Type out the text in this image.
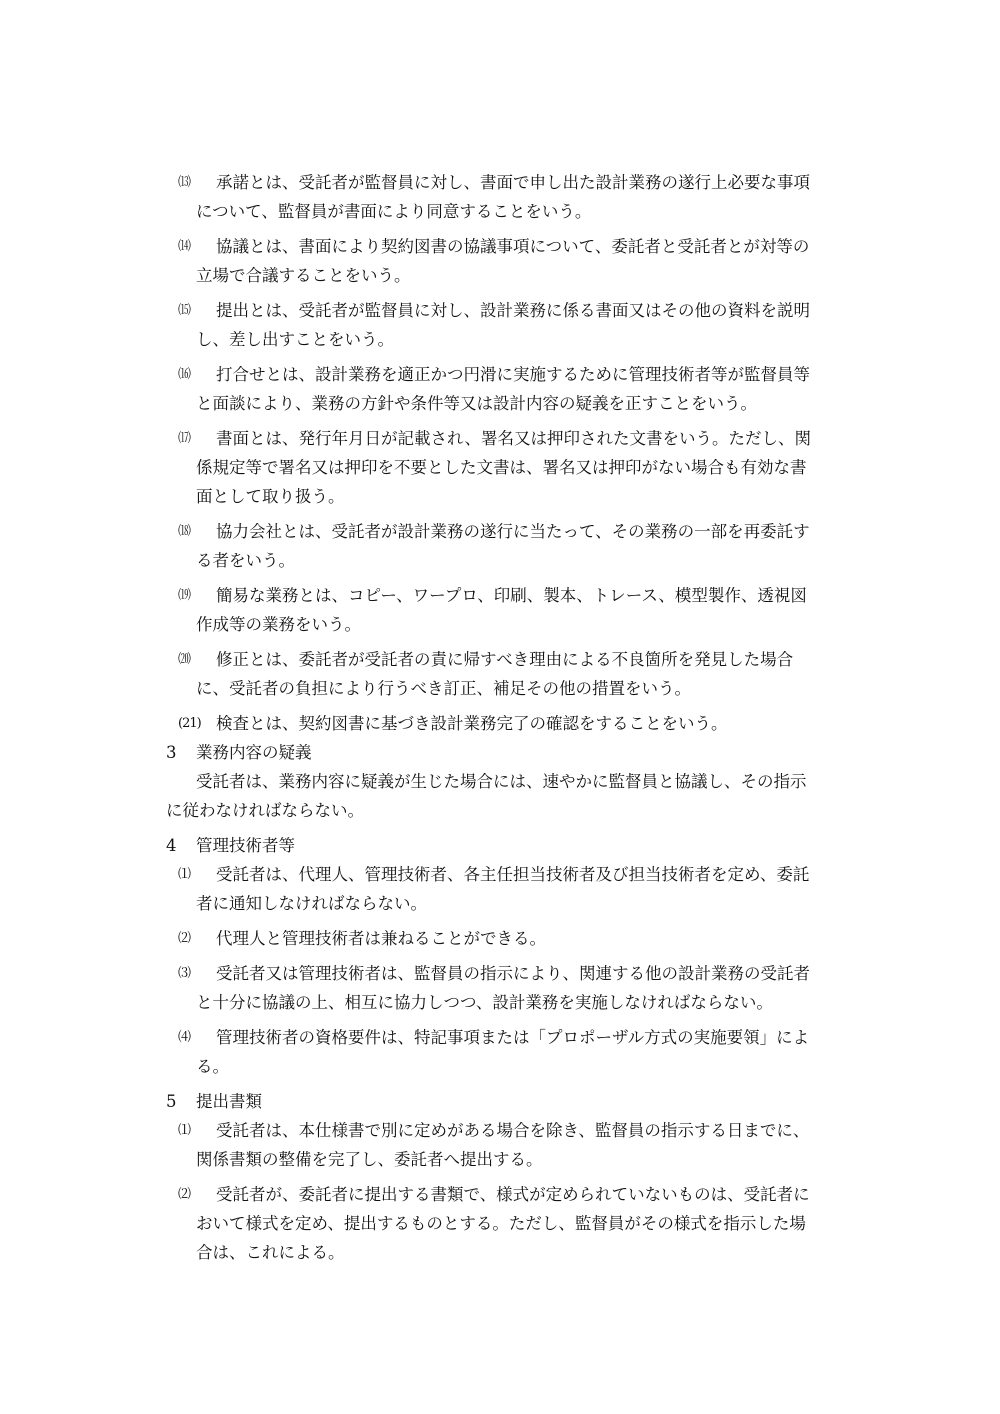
⒀ 承諾とは、受託者が監督員に対し、書面で申し出た設計業務の遂行上必要な事項
について、監督員が書面により同意することをいう。
⒁ 協議とは、書面により契約図書の協議事項について、委託者と受託者とが対等の
立場で合議することをいう。
⒂ 提出とは、受託者が監督員に対し、設計業務に係る書面又はその他の資料を説明
し、差し出すことをいう。
⒃ 打合せとは、設計業務を適正かつ円滑に実施するために管理技術者等が監督員等
と面談により、業務の方針や条件等又は設計内容の疑義を正すことをいう。
⒄ 書面とは、発行年月日が記載され、署名又は押印された文書をいう。ただし、関
係規定等で署名又は押印を不要とした文書は、署名又は押印がない場合も有効な書
面として取り扱う。
⒅ 協力会社とは、受託者が設計業務の遂行に当たって、その業務の一部を再委託す
る者をいう。
⒆ 簡易な業務とは、コピー、ワープロ、印刷、製本、トレース、模型製作、透視図
作成等の業務をいう。
⒇ 修正とは、委託者が受託者の責に帰すべき理由による不良箇所を発見した場合
に、受託者の負担により行うべき訂正、補足その他の措置をいう。
(21) 検査とは、契約図書に基づき設計業務完了の確認をすることをいう。
3 業務内容の疑義
受託者は、業務内容に疑義が生じた場合には、速やかに監督員と協議し、その指示
に従わなければならない。
4 管理技術者等
⑴ 受託者は、代理人、管理技術者、各主任担当技術者及び担当技術者を定め、委託
者に通知しなければならない。
⑵ 代理人と管理技術者は兼ねることができる。
⑶ 受託者又は管理技術者は、監督員の指示により、関連する他の設計業務の受託者
と十分に協議の上、相互に協力しつつ、設計業務を実施しなければならない。
⑷ 管理技術者の資格要件は、特記事項または「プロポーザル方式の実施要領」によ
る。
5 提出書類
⑴ 受託者は、本仕様書で別に定めがある場合を除き、監督員の指示する日までに、
関係書類の整備を完了し、委託者へ提出する。
⑵ 受託者が、委託者に提出する書類で、様式が定められていないものは、受託者に
おいて様式を定め、提出するものとする。ただし、監督員がその様式を指示した場
合は、これによる。
